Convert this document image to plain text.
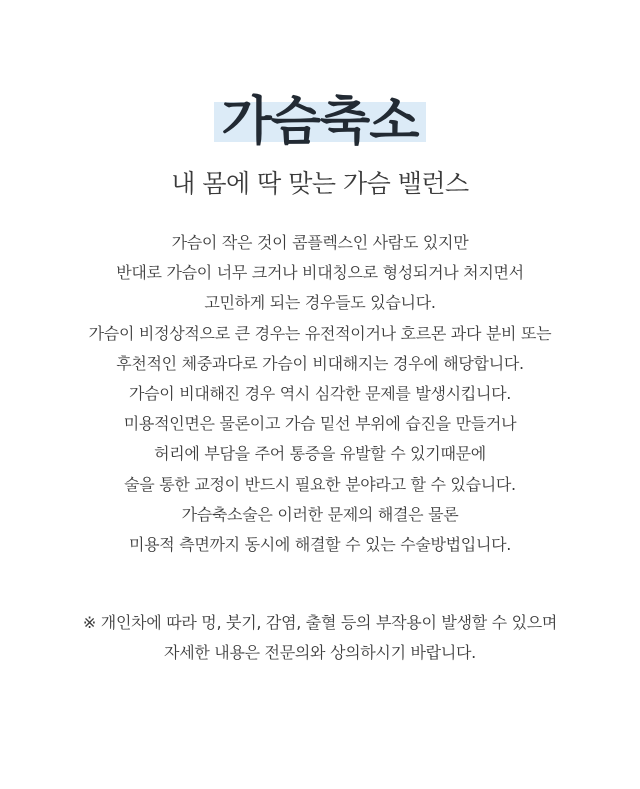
가슴축소
내 몸에 딱 맞는 가슴 밸런스
가슴이 작은 것이 콤플렉스인 사람도 있지만
반대로 가슴이 너무 크거나 비대칭으로 형성되거나 처지면서
고민하게 되는 경우들도 있습니다.
가슴이 비정상적으로 큰 경우는 유전적이거나 호르몬 과다 분비 또는
후천적인 체중과다로 가슴이 비대해지는 경우에 해당합니다.
가슴이 비대해진 경우 역시 심각한 문제를 발생시킵니다.
미용적인면은 물론이고 가슴 밑선 부위에 습진을 만들거나
허리에 부담을 주어 통증을 유발할 수 있기때문에
술을 통한 교정이 반드시 필요한 분야라고 할 수 있습니다.
가슴축소술은 이러한 문제의 해결은 물론
미용적 측면까지 동시에 해결할 수 있는 수술방법입니다.
※ 개인차에 따라 멍, 붓기, 감염, 출혈 등의 부작용이 발생할 수 있으며
자세한 내용은 전문의와 상의하시기 바랍니다.
